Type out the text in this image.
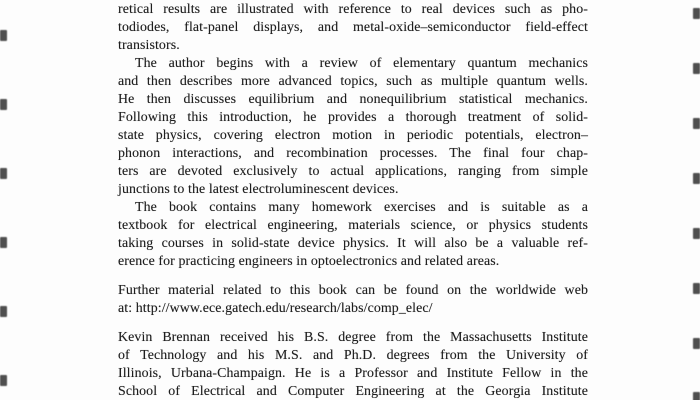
retical results are illustrated with reference to real devices such as pho-
todiodes, flat-panel displays, and metal-oxide–semiconductor field-effect
transistors.
The author begins with a review of elementary quantum mechanics
and then describes more advanced topics, such as multiple quantum wells.
He then discusses equilibrium and nonequilibrium statistical mechanics.
Following this introduction, he provides a thorough treatment of solid-
state physics, covering electron motion in periodic potentials, electron–
phonon interactions, and recombination processes. The final four chap-
ters are devoted exclusively to actual applications, ranging from simple
junctions to the latest electroluminescent devices.
The book contains many homework exercises and is suitable as a
textbook for electrical engineering, materials science, or physics students
taking courses in solid-state device physics. It will also be a valuable ref-
erence for practicing engineers in optoelectronics and related areas.
Further material related to this book can be found on the worldwide web
at: http://www.ece.gatech.edu/research/labs/comp_elec/
Kevin Brennan received his B.S. degree from the Massachusetts Institute
of Technology and his M.S. and Ph.D. degrees from the University of
Illinois, Urbana-Champaign. He is a Professor and Institute Fellow in the
School of Electrical and Computer Engineering at the Georgia Institute
